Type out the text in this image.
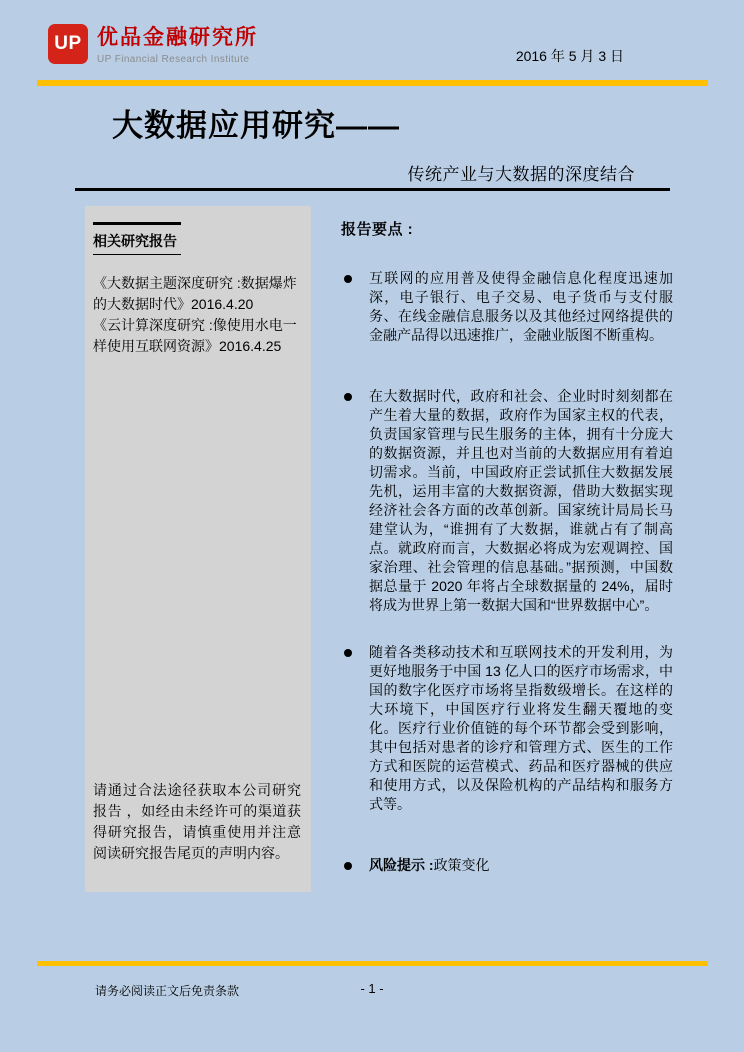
UP 优品金融研究所
UP Financial Research Institute	2016 年 5 月 3 日
大数据应用研究——
传统产业与大数据的深度结合
相关研究报告
《大数据主题深度研究 :数据爆炸的大数据时代》2016.4.20
《云计算深度研究 :像使用水电一样使用互联网资源》2016.4.25
请通过合法途径获取本公司研究报告 ，如经由未经许可的渠道获得研究报告，请慎重使用并注意阅读研究报告尾页的声明内容。
报告要点 :
互联网的应用普及使得金融信息化程度迅速加深，电子银行、电子交易、电子货币与支付服务、在线金融信息服务以及其他经过网络提供的金融产品得以迅速推广，金融业版图不断重构。
在大数据时代，政府和社会、企业时时刻刻都在产生着大量的数据，政府作为国家主权的代表，负责国家管理与民生服务的主体，拥有十分庞大的数据资源，并且也对当前的大数据应用有着迫切需求。当前，中国政府正尝试抓住大数据发展先机，运用丰富的大数据资源，借助大数据实现经济社会各方面的改革创新。国家统计局局长马建堂认为，“谁拥有了大数据，谁就占有了制高点。就政府而言，大数据必将成为宏观调控、国家治理、社会管理的信息基础。”据预测，中国数据总量于 2020 年将占全球数据量的 24%，届时将成为世界上第一数据大国和“世界数据中心”。
随着各类移动技术和互联网技术的开发利用，为更好地服务于中国 13 亿人口的医疗市场需求，中国的数字化医疗市场将呈指数级增长。在这样的大环境下，中国医疗行业将发生翻天覆地的变化。医疗行业价值链的每个环节都会受到影响，其中包括对患者的诊疗和管理方式、医生的工作方式和医院的运营模式、药品和医疗器械的供应和使用方式，以及保险机构的产品结构和服务方式等。
风险提示 :政策变化
- 1 -
请务必阅读正文后免责条款
